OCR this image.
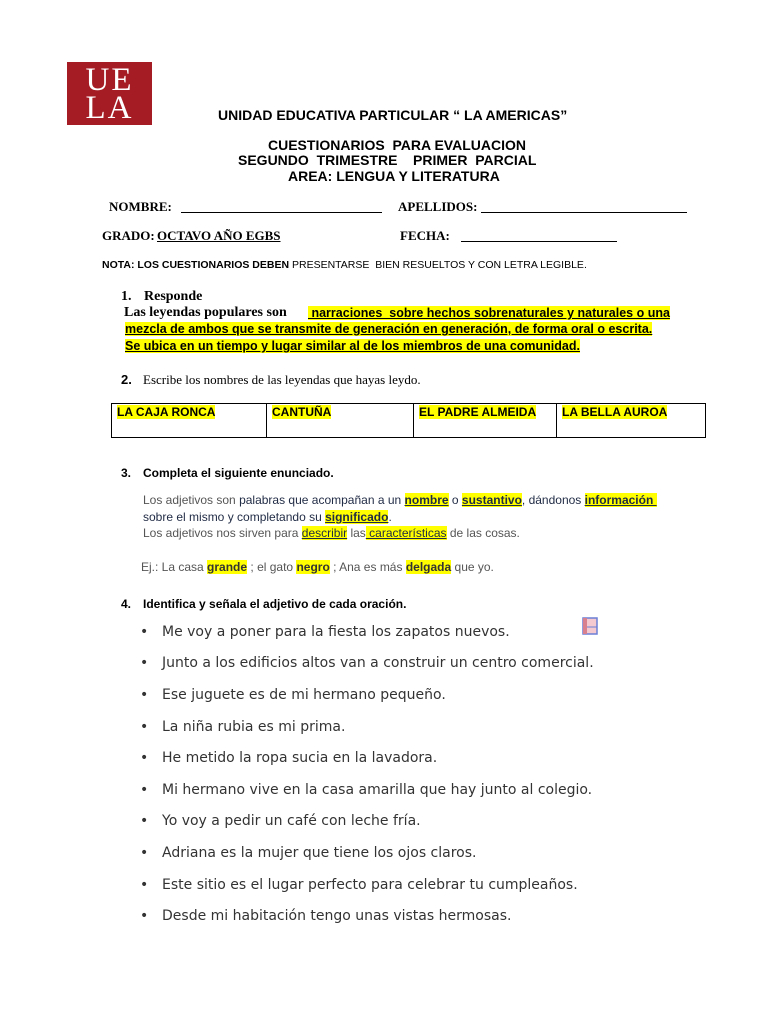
UE
LA	UNIDAD EDUCATIVA PARTICULAR “ LA AMERICAS”
CUESTIONARIOS  PARA EVALUACION
SEGUNDO  TRIMESTRE    PRIMER  PARCIAL
AREA: LENGUA Y LITERATURA
NOMBRE:	APELLIDOS:
GRADO: OCTAVO AÑO EGBS	FECHA:
NOTA: LOS CUESTIONARIOS DEBEN PRESENTARSE  BIEN RESUELTOS Y CON LETRA LEGIBLE.
1. Responde
Las leyendas populares son narraciones  sobre hechos sobrenaturales y naturales o una
mezcla de ambos que se transmite de generación en generación, de forma oral o escrita.
Se ubica en un tiempo y lugar similar al de los miembros de una comunidad.
2. Escribe los nombres de las leyendas que hayas leydo.
LA CAJA RONCA	CANTUÑA	EL PADRE ALMEIDA	LA BELLA AUROA
3. Completa el siguiente enunciado.
Los adjetivos son palabras que acompañan a un nombre o sustantivo, dándonos información
sobre el mismo y completando su significado.
Los adjetivos nos sirven para describir las características de las cosas.
Ej.: La casa grande ; el gato negro ; Ana es más delgada que yo.
4. Identifica y señala el adjetivo de cada oración.
• Me voy a poner para la fiesta los zapatos nuevos.
• Junto a los edificios altos van a construir un centro comercial.
• Ese juguete es de mi hermano pequeño.
• La niña rubia es mi prima.
• He metido la ropa sucia en la lavadora.
• Mi hermano vive en la casa amarilla que hay junto al colegio.
• Yo voy a pedir un café con leche fría.
• Adriana es la mujer que tiene los ojos claros.
• Este sitio es el lugar perfecto para celebrar tu cumpleaños.
• Desde mi habitación tengo unas vistas hermosas.
